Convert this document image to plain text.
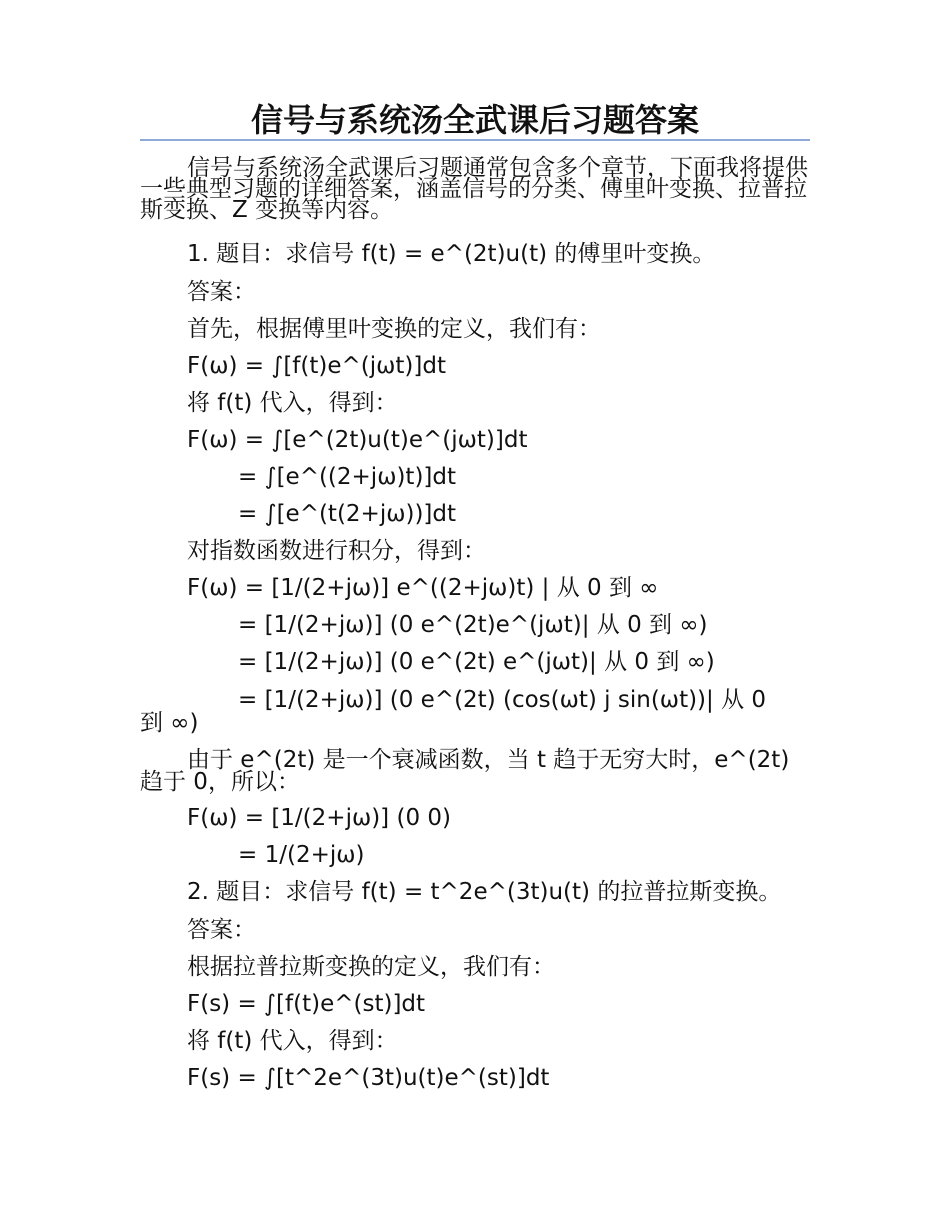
信号与系统汤全武课后习题答案

信号与系统汤全武课后习题通常包含多个章节，下面我将提供一些典型习题的详细答案，涵盖信号的分类、傅里叶变换、拉普拉斯变换、Z 变换等内容。

1. 题目：求信号 f(t) = e^(2t)u(t) 的傅里叶变换。

答案：

首先，根据傅里叶变换的定义，我们有：

F(ω) = ∫[f(t)e^(jωt)]dt

将 f(t) 代入，得到：

F(ω) = ∫[e^(2t)u(t)e^(jωt)]dt

= ∫[e^((2+jω)t)]dt

= ∫[e^(t(2+jω))]dt

对指数函数进行积分，得到：

F(ω) = [1/(2+jω)] e^((2+jω)t) | 从 0 到 ∞

= [1/(2+jω)] (0 e^(2t)e^(jωt)| 从 0 到 ∞)

= [1/(2+jω)] (0 e^(2t) e^(jωt)| 从 0 到 ∞)

= [1/(2+jω)] (0 e^(2t) (cos(ωt) j sin(ωt))| 从 0

到 ∞)

由于 e^(2t) 是一个衰减函数，当 t 趋于无穷大时，e^(2t) 趋于 0，所以：

F(ω) = [1/(2+jω)] (0 0)

= 1/(2+jω)

2. 题目：求信号 f(t) = t^2e^(3t)u(t) 的拉普拉斯变换。

答案：

根据拉普拉斯变换的定义，我们有：

F(s) = ∫[f(t)e^(st)]dt

将 f(t) 代入，得到：

F(s) = ∫[t^2e^(3t)u(t)e^(st)]dt
